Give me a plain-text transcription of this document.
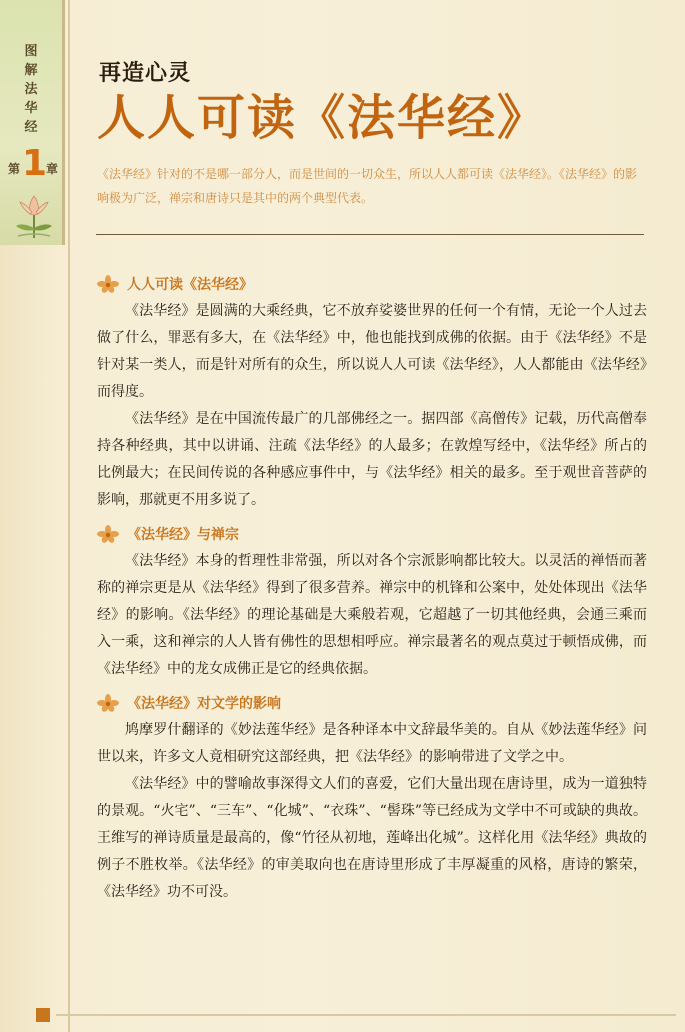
图
解
法
华
经
第 1
章
再造心灵
人人可读《法华经》
《法华经》针对的不是哪一部分人，而是世间的一切众生，所以人人都可读《法华经》。《法华经》的影响极为广泛，禅宗和唐诗只是其中的两个典型代表。
人人可读《法华经》

《法华经》是圆满的大乘经典，它不放弃娑婆世界的任何一个有情，无论一个人过去做了什么，罪恶有多大，在《法华经》中，他也能找到成佛的依据。由于《法华经》不是针对某一类人，而是针对所有的众生，所以说人人可读《法华经》，人人都能由《法华经》而得度。

《法华经》是在中国流传最广的几部佛经之一。据四部《高僧传》记载，历代高僧奉持各种经典，其中以讲诵、注疏《法华经》的人最多；在敦煌写经中，《法华经》所占的比例最大；在民间传说的各种感应事件中，与《法华经》相关的最多。至于观世音菩萨的影响，那就更不用多说了。

《法华经》与禅宗

《法华经》本身的哲理性非常强，所以对各个宗派影响都比较大。以灵活的禅悟而著称的禅宗更是从《法华经》得到了很多营养。禅宗中的机锋和公案中，处处体现出《法华经》的影响。《法华经》的理论基础是大乘般若观，它超越了一切其他经典，会通三乘而入一乘，这和禅宗的人人皆有佛性的思想相呼应。禅宗最著名的观点莫过于顿悟成佛，而《法华经》中的龙女成佛正是它的经典依据。

《法华经》对文学的影响

鸠摩罗什翻译的《妙法莲华经》是各种译本中文辞最华美的。自从《妙法莲华经》问世以来，许多文人竟相研究这部经典，把《法华经》的影响带进了文学之中。

《法华经》中的譬喻故事深得文人们的喜爱，它们大量出现在唐诗里，成为一道独特的景观。“火宅”、“三车”、“化城”、“衣珠”、“髻珠”等已经成为文学中不可或缺的典故。王维写的禅诗质量是最高的，像“竹径从初地，莲峰出化城”。这样化用《法华经》典故的例子不胜枚举。《法华经》的审美取向也在唐诗里形成了丰厚凝重的风格，唐诗的繁荣，《法华经》功不可没。
